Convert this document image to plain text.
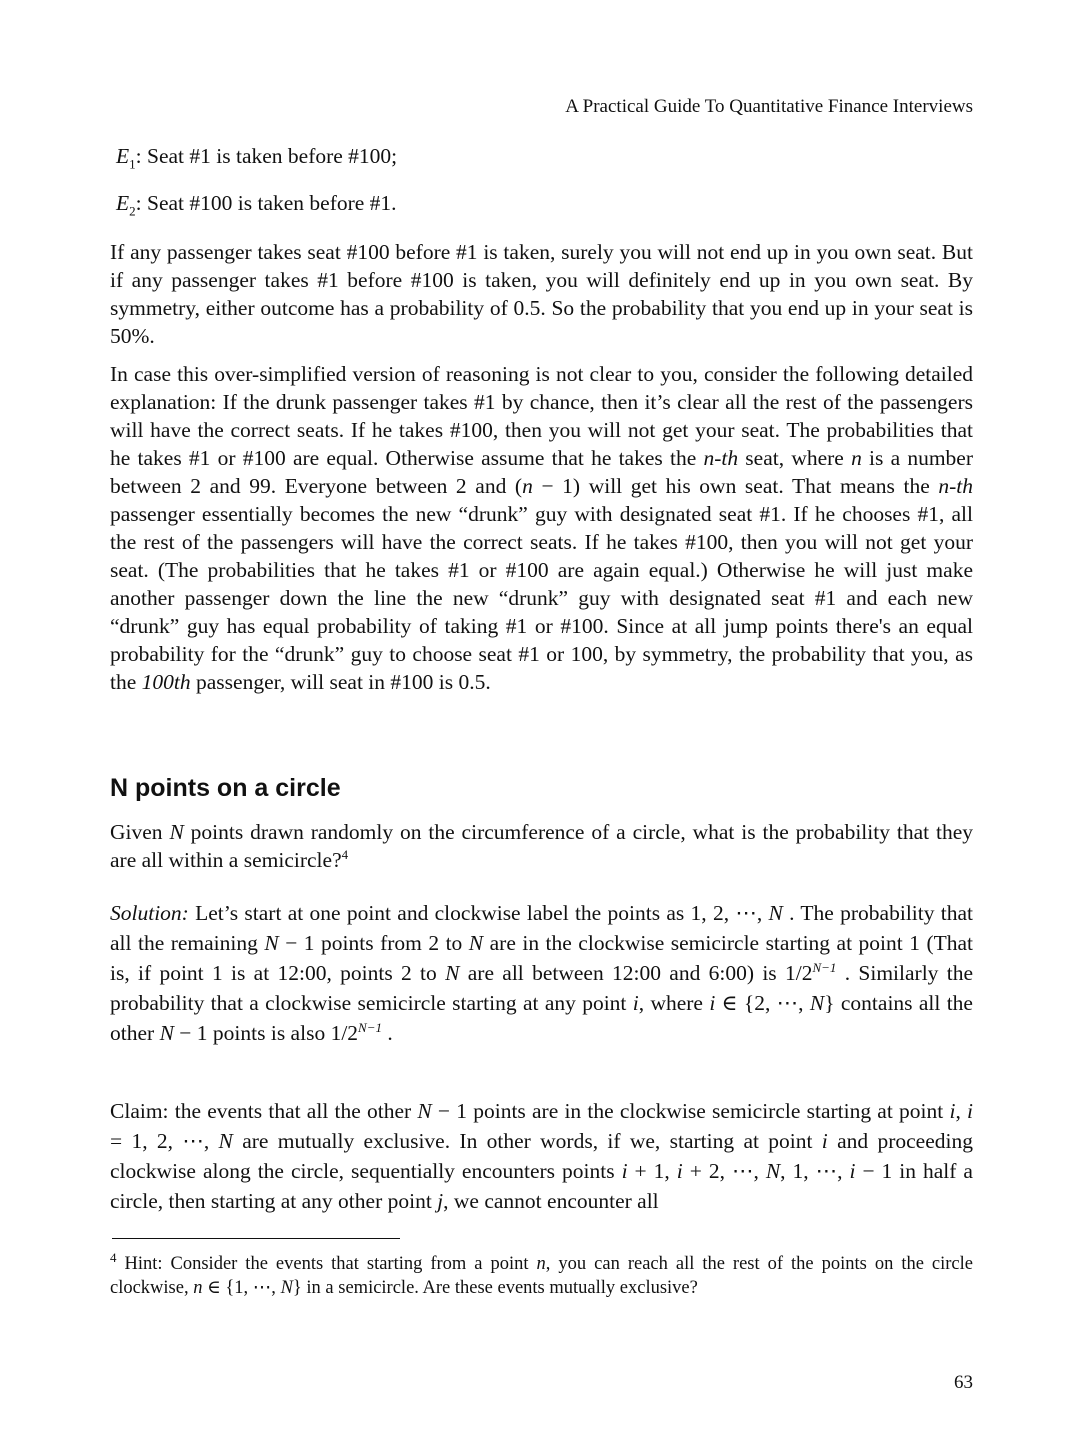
A Practical Guide To Quantitative Finance Interviews
$E_1$: Seat #1 is taken before #100;
$E_2$: Seat #100 is taken before #1.

If any passenger takes seat #100 before #1 is taken, surely you will not end up in you own seat. But if any passenger takes #1 before #100 is taken, you will definitely end up in you own seat. By symmetry, either outcome has a probability of 0.5. So the probability that you end up in your seat is 50%.

In case this over-simplified version of reasoning is not clear to you, consider the following detailed explanation: If the drunk passenger takes #1 by chance, then it’s clear all the rest of the passengers will have the correct seats. If he takes #100, then you will not get your seat. The probabilities that he takes #1 or #100 are equal. Otherwise assume that he takes the n-th seat, where n is a number between 2 and 99. Everyone between 2 and (n − 1) will get his own seat. That means the n-th passenger essentially becomes the new “drunk” guy with designated seat #1. If he chooses #1, all the rest of the passengers will have the correct seats. If he takes #100, then you will not get your seat. (The probabilities that he takes #1 or #100 are again equal.) Otherwise he will just make another passenger down the line the new “drunk” guy with designated seat #1 and each new “drunk” guy has equal probability of taking #1 or #100. Since at all jump points there's an equal probability for the “drunk” guy to choose seat #1 or 100, by symmetry, the probability that you, as the 100th passenger, will seat in #100 is 0.5.

N points on a circle

Given N points drawn randomly on the circumference of a circle, what is the probability that they are all within a semicircle?$^4$

Solution: Let’s start at one point and clockwise label the points as 1, 2, ⋯, N . The probability that all the remaining N − 1 points from 2 to N are in the clockwise semicircle starting at point 1 (That is, if point 1 is at 12:00, points 2 to N are all between 12:00 and 6:00) is $1/2^{N-1}$ . Similarly the probability that a clockwise semicircle starting at any point i, where i ∈ {2, ⋯, N} contains all the other N − 1 points is also $1/2^{N-1}$ .

Claim: the events that all the other N − 1 points are in the clockwise semicircle starting at point i, i = 1, 2, ⋯, N are mutually exclusive. In other words, if we, starting at point i and proceeding clockwise along the circle, sequentially encounters points i + 1, i + 2, ⋯, N, 1, ⋯, i − 1 in half a circle, then starting at any other point j, we cannot encounter all

$^4$ Hint: Consider the events that starting from a point n, you can reach all the rest of the points on the circle clockwise, n ∈ {1, ⋯, N} in a semicircle. Are these events mutually exclusive?

63
